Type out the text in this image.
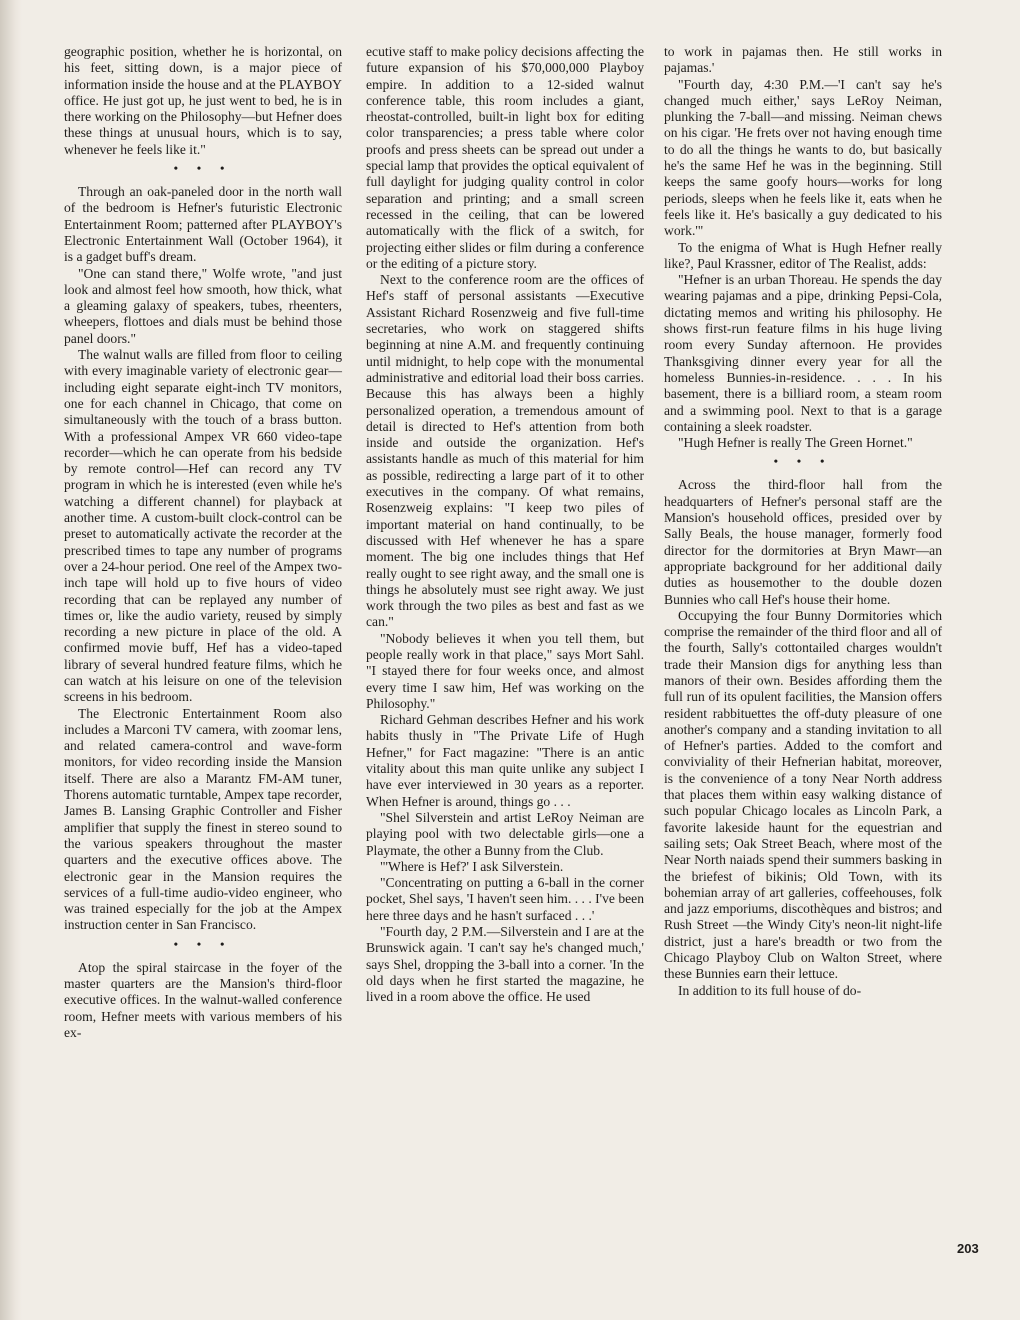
geographic position, whether he is horizontal, on his feet, sitting down, is a major piece of information inside the house and at the PLAYBOY office. He just got up, he just went to bed, he is in there working on the Philosophy—but Hefner does these things at unusual hours, which is to say, whenever he feels like it."

• • •

Through an oak-paneled door in the north wall of the bedroom is Hefner's futuristic Electronic Entertainment Room; patterned after PLAYBOY's Electronic Entertainment Wall (October 1964), it is a gadget buff's dream.

"One can stand there," Wolfe wrote, "and just look and almost feel how smooth, how thick, what a gleaming galaxy of speakers, tubes, rheenters, wheepers, flottoes and dials must be behind those panel doors."

The walnut walls are filled from floor to ceiling with every imaginable variety of electronic gear—including eight separate eight-inch TV monitors, one for each channel in Chicago, that come on simultaneously with the touch of a brass button. With a professional Ampex VR 660 video-tape recorder—which he can operate from his bedside by remote control—Hef can record any TV program in which he is interested (even while he's watching a different channel) for playback at another time. A custom-built clock-control can be preset to automatically activate the recorder at the prescribed times to tape any number of programs over a 24-hour period. One reel of the Ampex two-inch tape will hold up to five hours of video recording that can be replayed any number of times or, like the audio variety, reused by simply recording a new picture in place of the old. A confirmed movie buff, Hef has a video-taped library of several hundred feature films, which he can watch at his leisure on one of the television screens in his bedroom.

The Electronic Entertainment Room also includes a Marconi TV camera, with zoomar lens, and related camera-control and wave-form monitors, for video recording inside the Mansion itself. There are also a Marantz FM-AM tuner, Thorens automatic turntable, Ampex tape recorder, James B. Lansing Graphic Controller and Fisher amplifier that supply the finest in stereo sound to the various speakers throughout the master quarters and the executive offices above. The electronic gear in the Mansion requires the services of a full-time audio-video engineer, who was trained especially for the job at the Ampex instruction center in San Francisco.

• • •

Atop the spiral staircase in the foyer of the master quarters are the Mansion's third-floor executive offices. In the walnut-walled conference room, Hefner meets with various members of his ex-

ecutive staff to make policy decisions affecting the future expansion of his $70,000,000 Playboy empire. In addition to a 12-sided walnut conference table, this room includes a giant, rheostat-controlled, built-in light box for editing color transparencies; a press table where color proofs and press sheets can be spread out under a special lamp that provides the optical equivalent of full daylight for judging quality control in color separation and printing; and a small screen recessed in the ceiling, that can be lowered automatically with the flick of a switch, for projecting either slides or film during a conference or the editing of a picture story.

Next to the conference room are the offices of Hef's staff of personal assistants —Executive Assistant Richard Rosenzweig and five full-time secretaries, who work on staggered shifts beginning at nine A.M. and frequently continuing until midnight, to help cope with the monumental administrative and editorial load their boss carries. Because this has always been a highly personalized operation, a tremendous amount of detail is directed to Hef's attention from both inside and outside the organization. Hef's assistants handle as much of this material for him as possible, redirecting a large part of it to other executives in the company. Of what remains, Rosenzweig explains: "I keep two piles of important material on hand continually, to be discussed with Hef whenever he has a spare moment. The big one includes things that Hef really ought to see right away, and the small one is things he absolutely must see right away. We just work through the two piles as best and fast as we can."

"Nobody believes it when you tell them, but people really work in that place," says Mort Sahl. "I stayed there for four weeks once, and almost every time I saw him, Hef was working on the Philosophy."

Richard Gehman describes Hefner and his work habits thusly in "The Private Life of Hugh Hefner," for Fact magazine: "There is an antic vitality about this man quite unlike any subject I have ever interviewed in 30 years as a reporter. When Hefner is around, things go . . .

"Shel Silverstein and artist LeRoy Neiman are playing pool with two delectable girls—one a Playmate, the other a Bunny from the Club.

"'Where is Hef?' I ask Silverstein.

"Concentrating on putting a 6-ball in the corner pocket, Shel says, 'I haven't seen him. . . . I've been here three days and he hasn't surfaced . . .'

"Fourth day, 2 P.M.—Silverstein and I are at the Brunswick again. 'I can't say he's changed much,' says Shel, dropping the 3-ball into a corner. 'In the old days when he first started the magazine, he lived in a room above the office. He used

to work in pajamas then. He still works in pajamas.'

"Fourth day, 4:30 P.M.—'I can't say he's changed much either,' says LeRoy Neiman, plunking the 7-ball—and missing. Neiman chews on his cigar. 'He frets over not having enough time to do all the things he wants to do, but basically he's the same Hef he was in the beginning. Still keeps the same goofy hours—works for long periods, sleeps when he feels like it, eats when he feels like it. He's basically a guy dedicated to his work.'"

To the enigma of What is Hugh Hefner really like?, Paul Krassner, editor of The Realist, adds:

"Hefner is an urban Thoreau. He spends the day wearing pajamas and a pipe, drinking Pepsi-Cola, dictating memos and writing his philosophy. He shows first-run feature films in his huge living room every Sunday afternoon. He provides Thanksgiving dinner every year for all the homeless Bunnies-in-residence. . . . In his basement, there is a billiard room, a steam room and a swimming pool. Next to that is a garage containing a sleek roadster.

"Hugh Hefner is really The Green Hornet."

• • •

Across the third-floor hall from the headquarters of Hefner's personal staff are the Mansion's household offices, presided over by Sally Beals, the house manager, formerly food director for the dormitories at Bryn Mawr—an appropriate background for her additional daily duties as housemother to the double dozen Bunnies who call Hef's house their home.

Occupying the four Bunny Dormitories which comprise the remainder of the third floor and all of the fourth, Sally's cottontailed charges wouldn't trade their Mansion digs for anything less than manors of their own. Besides affording them the full run of its opulent facilities, the Mansion offers resident rabbituettes the off-duty pleasure of one another's company and a standing invitation to all of Hefner's parties. Added to the comfort and conviviality of their Hefnerian habitat, moreover, is the convenience of a tony Near North address that places them within easy walking distance of such popular Chicago locales as Lincoln Park, a favorite lakeside haunt for the equestrian and sailing sets; Oak Street Beach, where most of the Near North naiads spend their summers basking in the briefest of bikinis; Old Town, with its bohemian array of art galleries, coffeehouses, folk and jazz emporiums, discothèques and bistros; and Rush Street —the Windy City's neon-lit night-life district, just a hare's breadth or two from the Chicago Playboy Club on Walton Street, where these Bunnies earn their lettuce.

In addition to its full house of do-

203
